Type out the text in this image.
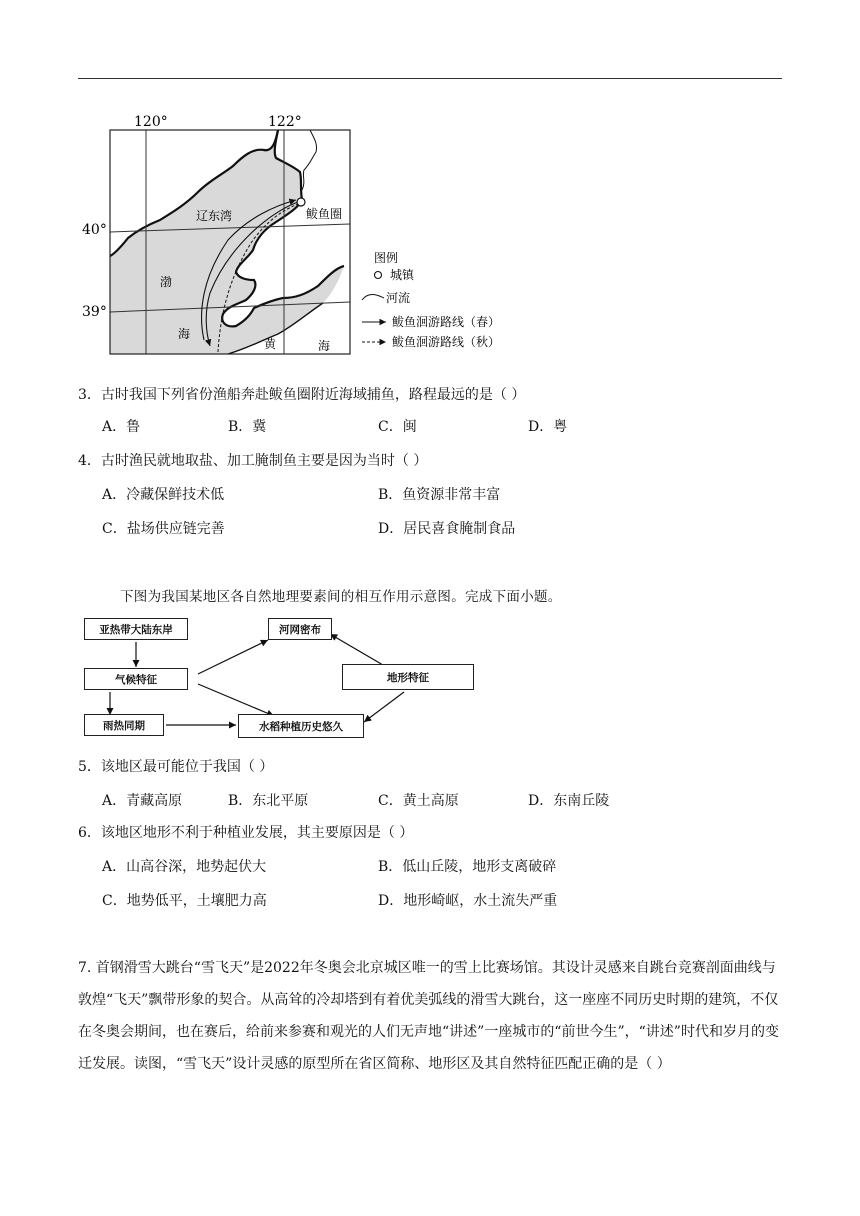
120°	122°
40°
39°
辽东湾	鲅鱼圈
渤
海
黄	海
图例
城镇
河流
鲅鱼洄游路线（春）
鲅鱼洄游路线（秋）
3．古时我国下列省份渔船奔赴鲅鱼圈附近海域捕鱼，路程最远的是（ ）
A．鲁	B．冀	C．闽	D．粤
4．古时渔民就地取盐、加工腌制鱼主要是因为当时（ ）
A．冷藏保鲜技术低	B．鱼资源非常丰富
C．盐场供应链完善	D．居民喜食腌制食品
下图为我国某地区各自然地理要素间的相互作用示意图。完成下面小题。
亚热带大陆东岸	河网密布
气候特征	地形特征
雨热同期	水稻种植历史悠久
5．该地区最可能位于我国（ ）
A．青藏高原	B．东北平原	C．黄土高原	D．东南丘陵
6．该地区地形不利于种植业发展，其主要原因是（ ）
A．山高谷深，地势起伏大	B．低山丘陵，地形支离破碎
C．地势低平，土壤肥力高	D．地形崎岖，水土流失严重
7. 首钢滑雪大跳台“雪飞天”是2022年冬奥会北京城区唯一的雪上比赛场馆。其设计灵感来自跳台竞赛剖面曲线与敦煌“飞天”飘带形象的契合。从高耸的冷却塔到有着优美弧线的滑雪大跳台，这一座座不同历史时期的建筑，不仅在冬奥会期间，也在赛后，给前来参赛和观光的人们无声地“讲述”一座城市的“前世今生”，“讲述”时代和岁月的变迁发展。读图，“雪飞天”设计灵感的原型所在省区简称、地形区及其自然特征匹配正确的是（ ）
